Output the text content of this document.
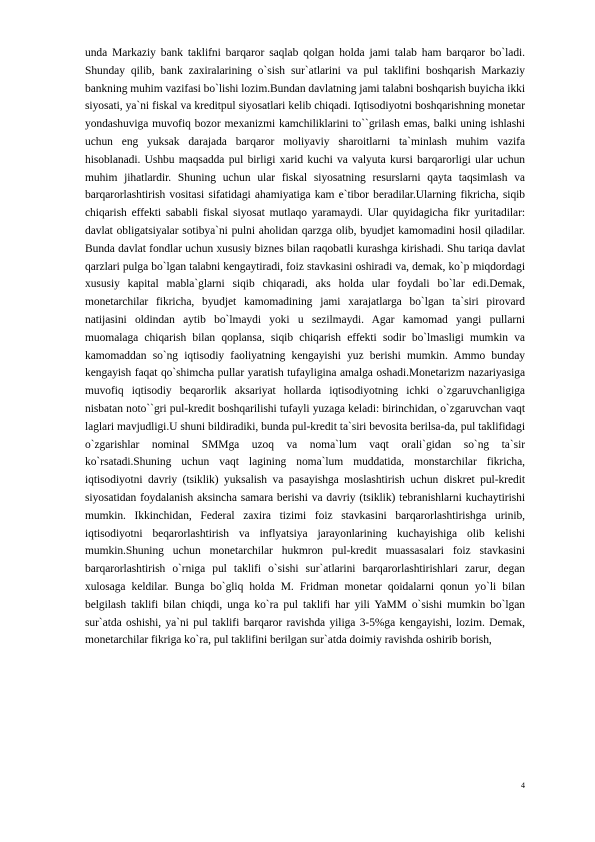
unda Markaziy bank taklifni barqaror saqlab qolgan holda jami talab ham barqaror bo`ladi. Shunday qilib, bank zaxiralarining o`sish sur`atlarini va pul taklifini boshqarish Markaziy bankning muhim vazifasi bo`lishi lozim.Bundan davlatning jami talabni boshqarish buyicha ikki siyosati, ya`ni fiskal va kreditpul siyosatlari kelib chiqadi. Iqtisodiyotni boshqarishning monetar yondashuviga muvofiq bozor mexanizmi kamchiliklarini to``grilash emas, balki uning ishlashi uchun eng yuksak darajada barqaror moliyaviy sharoitlarni ta`minlash muhim vazifa hisoblanadi. Ushbu maqsadda pul birligi xarid kuchi va valyuta kursi barqarorligi ular uchun muhim jihatlardir. Shuning uchun ular fiskal siyosatning resurslarni qayta taqsimlash va barqarorlashtirish vositasi sifatidagi ahamiyatiga kam e`tibor beradilar.Ularning fikricha, siqib chiqarish effekti sababli fiskal siyosat mutlaqo yaramaydi. Ular quyidagicha fikr yuritadilar: davlat obligatsiyalar sotibya`ni pulni aholidan qarzga olib, byudjet kamomadini hosil qiladilar. Bunda davlat fondlar uchun xususiy biznes bilan raqobatli kurashga kirishadi. Shu tariqa davlat qarzlari pulga bo`lgan talabni kengaytiradi, foiz stavkasini oshiradi va, demak, ko`p miqdordagi xususiy kapital mabla`glarni siqib chiqaradi, aks holda ular foydali bo`lar edi.Demak, monetarchilar fikricha, byudjet kamomadining jami xarajatlarga bo`lgan ta`siri pirovard natijasini oldindan aytib bo`lmaydi yoki u sezilmaydi. Agar kamomad yangi pullarni muomalaga chiqarish bilan qoplansa, siqib chiqarish effekti sodir bo`lmasligi mumkin va kamomaddan so`ng iqtisodiy faoliyatning kengayishi yuz berishi mumkin. Ammo bunday kengayish faqat qo`shimcha pullar yaratish tufayligina amalga oshadi.Monetarizm nazariyasiga muvofiq iqtisodiy beqarorlik aksariyat hollarda iqtisodiyotning ichki o`zgaruvchanligiga nisbatan noto``gri pul-kredit boshqarilishi tufayli yuzaga keladi: birinchidan, o`zgaruvchan vaqt laglari mavjudligi.U shuni bildiradiki, bunda pul-kredit ta`siri bevosita berilsa-da, pul taklifidagi o`zgarishlar nominal SMMga uzoq va noma`lum vaqt orali`gidan so`ng ta`sir ko`rsatadi.Shuning uchun vaqt lagining noma`lum muddatida, monstarchilar fikricha, iqtisodiyotni davriy (tsiklik) yuksalish va pasayishga moslashtirish uchun diskret pul-kredit siyosatidan foydalanish aksincha samara berishi va davriy (tsiklik) tebranishlarni kuchaytirishi mumkin. Ikkinchidan, Federal zaxira tizimi foiz stavkasini barqarorlashtirishga urinib, iqtisodiyotni beqarorlashtirish va inflyatsiya jarayonlarining kuchayishiga olib kelishi mumkin.Shuning uchun monetarchilar hukmron pul-kredit muassasalari foiz stavkasini barqarorlashtirish o`rniga pul taklifi o`sishi sur`atlarini barqarorlashtirishlari zarur, degan xulosaga keldilar. Bunga bo`gliq holda M. Fridman monetar qoidalarni qonun yo`li bilan belgilash taklifi bilan chiqdi, unga ko`ra pul taklifi har yili YaMM o`sishi mumkin bo`lgan sur`atda oshishi, ya`ni pul taklifi barqaror ravishda yiliga 3-5%ga kengayishi, lozim. Demak, monetarchilar fikriga ko`ra, pul taklifini berilgan sur`atda doimiy ravishda oshirib borish,

4
